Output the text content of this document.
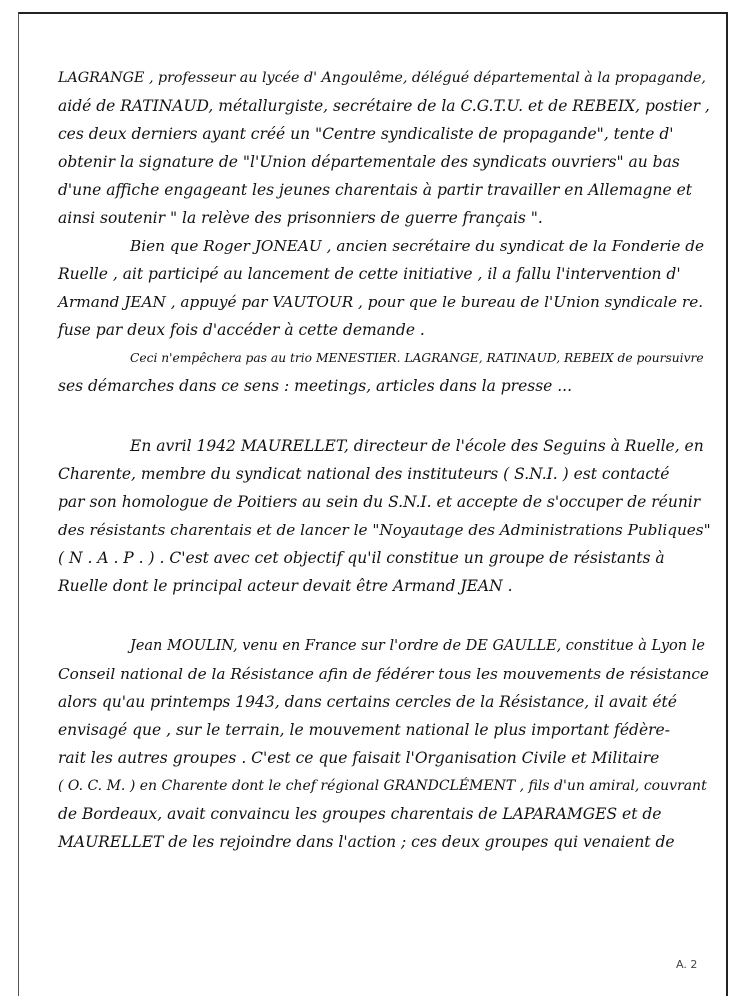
LAGRANGE , professeur au lycée d' Angoulême, délégué départemental à la propagande,
aidé de RATINAUD, métallurgiste, secrétaire de la C.G.T.U. et de REBEIX, postier ,
ces deux derniers ayant créé un "Centre syndicaliste de propagande", tente d'
obtenir la signature de "l'Union départementale des syndicats ouvriers" au bas
d'une affiche engageant les jeunes charentais à partir travailler en Allemagne et
ainsi soutenir " la relève des prisonniers de guerre français ".
Bien que Roger JONEAU , ancien secrétaire du syndicat de la Fonderie de
Ruelle , ait participé au lancement de cette initiative , il a fallu l'intervention d'
Armand JEAN , appuyé par VAUTOUR , pour que le bureau de l'Union syndicale re.
fuse par deux fois d'accéder à cette demande .
Ceci n'empêchera pas au trio MENESTIER. LAGRANGE, RATINAUD, REBEIX de poursuivre
ses démarches dans ce sens : meetings, articles dans la presse ...
En avril 1942 MAURELLET, directeur de l'école des Seguins à Ruelle, en
Charente, membre du syndicat national des instituteurs ( S.N.I. ) est contacté
par son homologue de Poitiers au sein du S.N.I. et accepte de s'occuper de réunir
des résistants charentais et de lancer le "Noyautage des Administrations Publiques"
( N . A . P . ) . C'est avec cet objectif qu'il constitue un groupe de résistants à
Ruelle dont le principal acteur devait être Armand JEAN .
Jean MOULIN, venu en France sur l'ordre de DE GAULLE, constitue à Lyon le
Conseil national de la Résistance afin de fédérer tous les mouvements de résistance
alors qu'au printemps 1943, dans certains cercles de la Résistance, il avait été
envisagé que , sur le terrain, le mouvement national le plus important fédère-
rait les autres groupes . C'est ce que faisait l'Organisation Civile et Militaire
( O. C. M. ) en Charente dont le chef régional GRANDCLÉMENT , fils d'un amiral, couvrant
de Bordeaux, avait convaincu les groupes charentais de LAPARAMGES et de
MAURELLET de les rejoindre dans l'action ; ces deux groupes qui venaient de
A. 2
